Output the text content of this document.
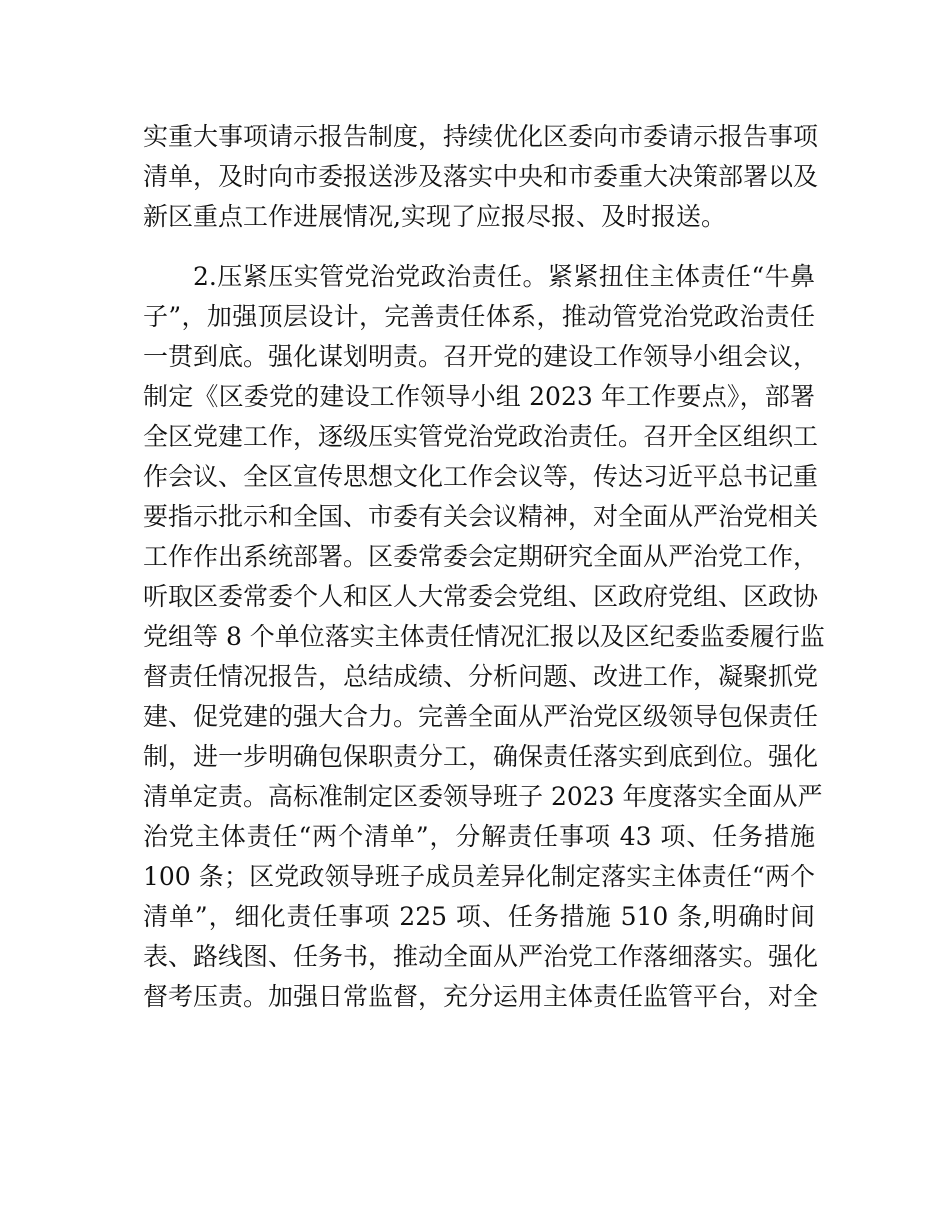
实重大事项请示报告制度，持续优化区委向市委请示报告事项
清单，及时向市委报送涉及落实中央和市委重大决策部署以及
新区重点工作进展情况,实现了应报尽报、及时报送。
2.压紧压实管党治党政治责任。紧紧扭住主体责任“牛鼻
子”，加强顶层设计，完善责任体系，推动管党治党政治责任
一贯到底。强化谋划明责。召开党的建设工作领导小组会议，
制定《区委党的建设工作领导小组 2023 年工作要点》，部署
全区党建工作，逐级压实管党治党政治责任。召开全区组织工
作会议、全区宣传思想文化工作会议等，传达习近平总书记重
要指示批示和全国、市委有关会议精神，对全面从严治党相关
工作作出系统部署。区委常委会定期研究全面从严治党工作，
听取区委常委个人和区人大常委会党组、区政府党组、区政协
党组等 8 个单位落实主体责任情况汇报以及区纪委监委履行监
督责任情况报告，总结成绩、分析问题、改进工作，凝聚抓党
建、促党建的强大合力。完善全面从严治党区级领导包保责任
制，进一步明确包保职责分工，确保责任落实到底到位。强化
清单定责。高标准制定区委领导班子 2023 年度落实全面从严
治党主体责任“两个清单”，分解责任事项 43 项、任务措施
100 条；区党政领导班子成员差异化制定落实主体责任“两个
清单”，细化责任事项 225 项、任务措施 510 条,明确时间
表、路线图、任务书，推动全面从严治党工作落细落实。强化
督考压责。加强日常监督，充分运用主体责任监管平台，对全
